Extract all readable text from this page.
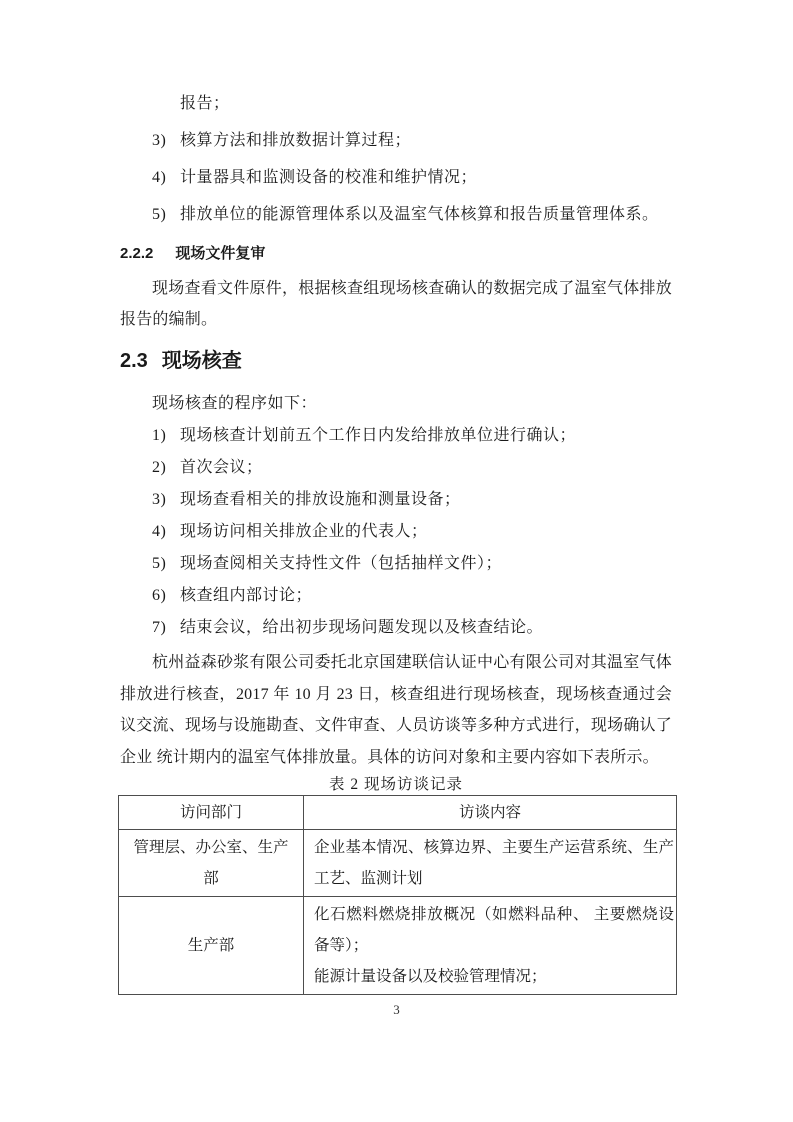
报告；
3) 核算方法和排放数据计算过程；
4) 计量器具和监测设备的校准和维护情况；
5) 排放单位的能源管理体系以及温室气体核算和报告质量管理体系。
2.2.2 现场文件复审
现场查看文件原件，根据核查组现场核查确认的数据完成了温室气体排放报告的编制。
2.3 现场核查
现场核查的程序如下：
1) 现场核查计划前五个工作日内发给排放单位进行确认；
2) 首次会议；
3) 现场查看相关的排放设施和测量设备；
4) 现场访问相关排放企业的代表人；
5) 现场查阅相关支持性文件（包括抽样文件）；
6) 核查组内部讨论；
7) 结束会议，给出初步现场问题发现以及核查结论。
杭州益森砂浆有限公司委托北京国建联信认证中心有限公司对其温室气体排放进行核查，2017 年 10 月 23 日，核查组进行现场核查，现场核查通过会议交流、现场与设施勘查、文件审查、人员访谈等多种方式进行，现场确认了企业 统计期内的温室气体排放量。具体的访问对象和主要内容如下表所示。
表 2 现场访谈记录
访问部门	访谈内容
管理层、办公室、生产部	企业基本情况、核算边界、主要生产运营系统、生产工艺、监测计划

生产部	化石燃料燃烧排放概况（如燃料品种、 主要燃烧设备等）；
能源计量设备以及校验管理情况；
3
